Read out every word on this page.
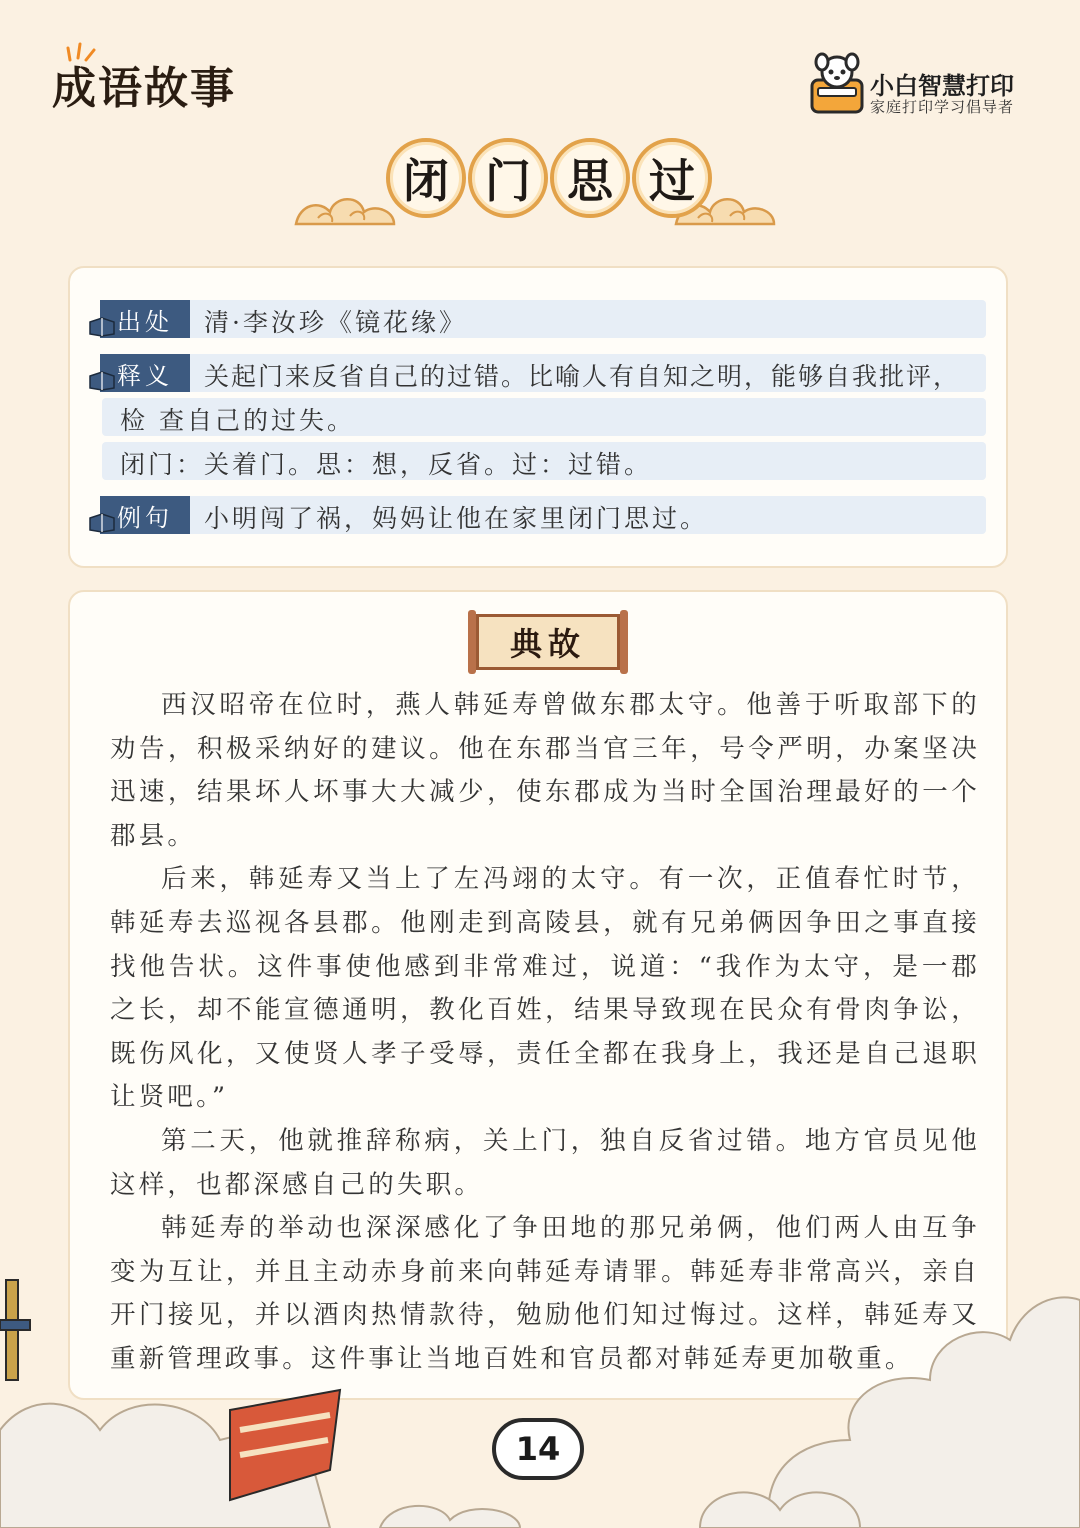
成语故事	小白智慧打印
家庭打印学习倡导者
闭 门 思 过
出处	清·李汝珍《镜花缘》
释义	关起门来反省自己的过错。比喻人有自知之明，能够自我批评，
检 查自己的过失。
闭门：关着门。思：想，反省。过：过错。
例句	小明闯了祸，妈妈让他在家里闭门思过。
典故

西汉昭帝在位时，燕人韩延寿曾做东郡太守。他善于听取部下的劝告，积极采纳好的建议。他在东郡当官三年，号令严明，办案坚决迅速，结果坏人坏事大大减少，使东郡成为当时全国治理最好的一个郡县。

后来，韩延寿又当上了左冯翊的太守。有一次，正值春忙时节，韩延寿去巡视各县郡。他刚走到高陵县，就有兄弟俩因争田之事直接找他告状。这件事使他感到非常难过，说道：“我作为太守，是一郡之长，却不能宣德通明，教化百姓，结果导致现在民众有骨肉争讼，既伤风化，又使贤人孝子受辱，责任全都在我身上，我还是自己退职让贤吧。”

第二天，他就推辞称病，关上门，独自反省过错。地方官员见他这样，也都深感自己的失职。

韩延寿的举动也深深感化了争田地的那兄弟俩，他们两人由互争变为互让，并且主动赤身前来向韩延寿请罪。韩延寿非常高兴，亲自开门接见，并以酒肉热情款待，勉励他们知过悔过。这样，韩延寿又重新管理政事。这件事让当地百姓和官员都对韩延寿更加敬重。

14
